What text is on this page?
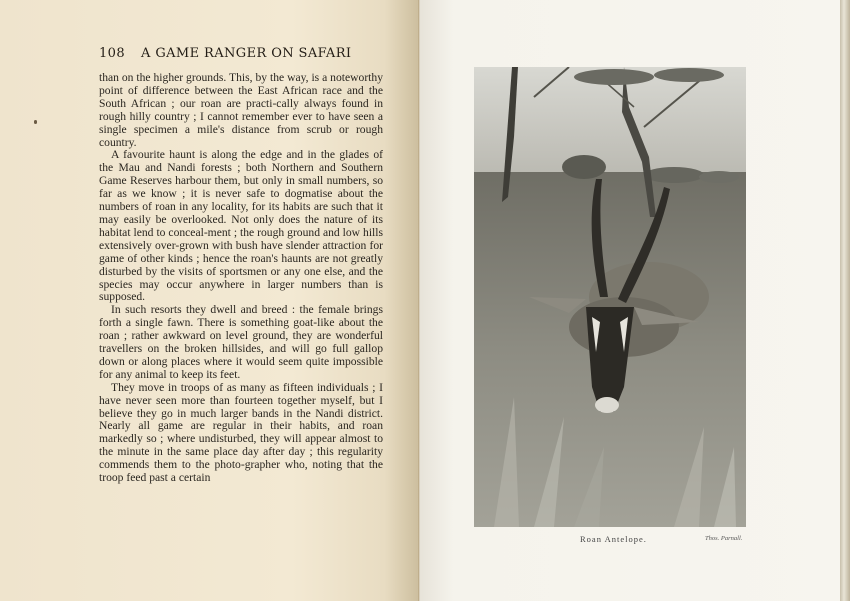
108 A GAME RANGER ON SAFARI

than on the higher grounds. This, by the way, is a noteworthy point of difference between the East African race and the South African ; our roan are practi-cally always found in rough hilly country ; I cannot remember ever to have seen a single specimen a mile's distance from scrub or rough country.

A favourite haunt is along the edge and in the glades of the Mau and Nandi forests ; both Northern and Southern Game Reserves harbour them, but only in small numbers, so far as we know ; it is never safe to dogmatise about the numbers of roan in any locality, for its habits are such that it may easily be overlooked. Not only does the nature of its habitat lend to conceal-ment ; the rough ground and low hills extensively over-grown with bush have slender attraction for game of other kinds ; hence the roan's haunts are not greatly disturbed by the visits of sportsmen or any one else, and the species may occur anywhere in larger numbers than is supposed.

In such resorts they dwell and breed : the female brings forth a single fawn. There is something goat-like about the roan ; rather awkward on level ground, they are wonderful travellers on the broken hillsides, and will go full gallop down or along places where it would seem quite impossible for any animal to keep its feet.

They move in troops of as many as fifteen individuals ; I have never seen more than fourteen together myself, but I believe they go in much larger bands in the Nandi district. Nearly all game are regular in their habits, and roan markedly so ; where undisturbed, they will appear almost to the minute in the same place day after day ; this regularity commends them to the photo-grapher who, noting that the troop feed past a certain

Roan Antelope.	Thos. Parnall.
